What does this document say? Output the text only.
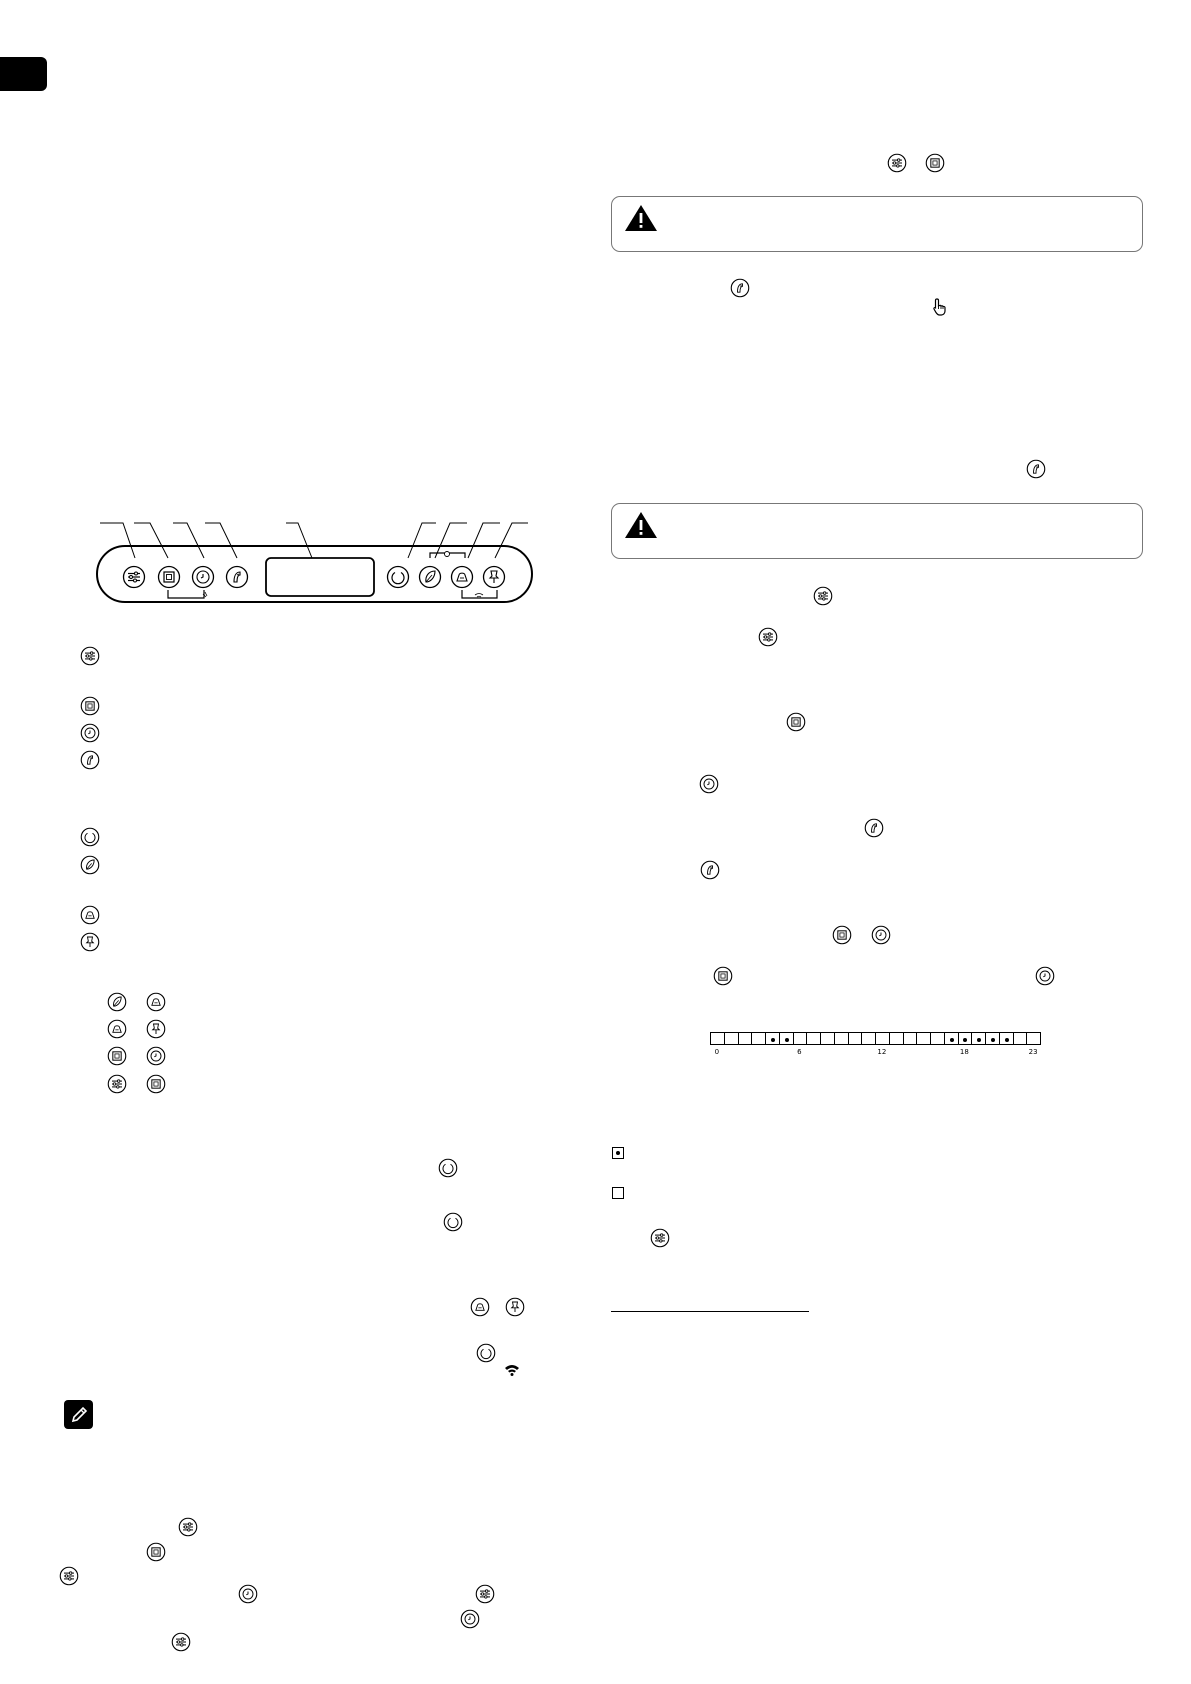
0	6	12	18	23
